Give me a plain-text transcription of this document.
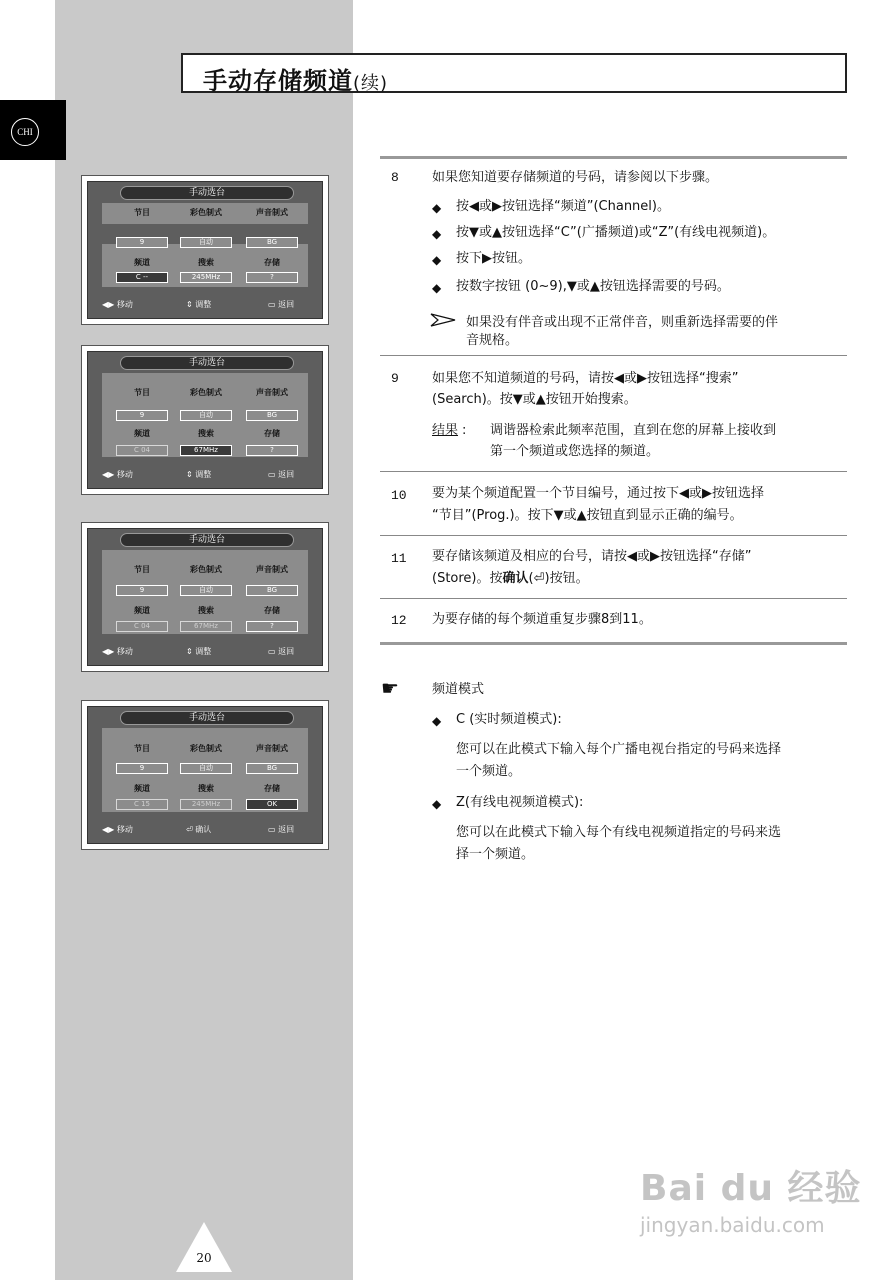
CHI
手动存储频道(续)
手动选台
节目	彩色制式	声音制式
9	自动	BG
频道	搜索	存储
C --	245MHz	?
◀▶ 移动	⇕ 调整	▭ 返回
手动选台
节目	彩色制式	声音制式
9	自动	BG
频道	搜索	存储
C 04	67MHz	?
◀▶ 移动	⇕ 调整	▭ 返回
手动选台
节目	彩色制式	声音制式
9	自动	BG
频道	搜索	存储
C 04	67MHz	?
◀▶ 移动	⇕ 调整	▭ 返回
手动选台
节目	彩色制式	声音制式
9	自动	BG
频道	搜索	存储
C 15	245MHz	OK
◀▶ 移动	⏎ 确认	▭ 返回
8	如果您知道要存储频道的号码，请参阅以下步骤。
◆ 按◀或▶按钮选择“频道”(Channel)。
◆ 按▼或▲按钮选择“C”(广播频道)或“Z”(有线电视频道)。
◆ 按下▶按钮。
◆ 按数字按钮 (0~9),▼或▲按钮选择需要的号码。
如果没有伴音或出现不正常伴音，则重新选择需要的伴
音规格。
9	如果您不知道频道的号码，请按◀或▶按钮选择“搜索”
(Search)。按▼或▲按钮开始搜索。
结果 : 调谐器检索此频率范围，直到在您的屏幕上接收到
第一个频道或您选择的频道。
10 要为某个频道配置一个节目编号，通过按下◀或▶按钮选择
“节目”(Prog.)。按下▼或▲按钮直到显示正确的编号。
11 要存储该频道及相应的台号，请按◀或▶按钮选择“存储”
(Store)。按确认(⏎)按钮。
12 为要存储的每个频道重复步骤8到11。
☛	频道模式
◆ C (实时频道模式):
您可以在此模式下输入每个广播电视台指定的号码来选择
一个频道。
◆ Z(有线电视频道模式):
您可以在此模式下输入每个有线电视频道指定的号码来选
择一个频道。
20
Bai du 经验
jingyan.baidu.com
